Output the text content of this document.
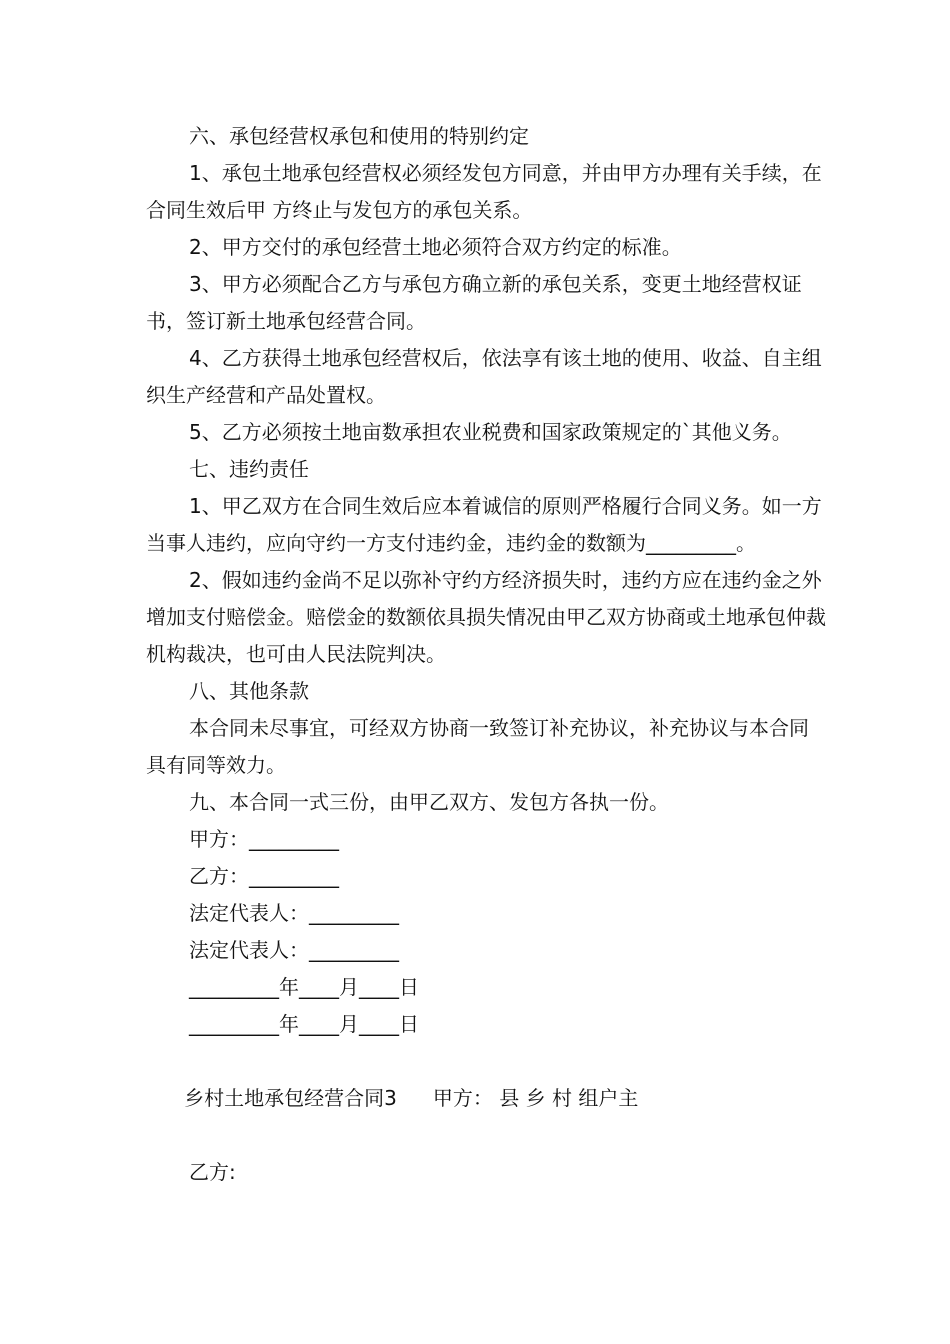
六、承包经营权承包和使用的特别约定

1、承包土地承包经营权必须经发包方同意，并由甲方办理有关手续，在合同生效后甲 方终止与发包方的承包关系。

2、甲方交付的承包经营土地必须符合双方约定的标准。

3、甲方必须配合乙方与承包方确立新的承包关系，变更土地经营权证书，签订新土地承包经营合同。

4、乙方获得土地承包经营权后，依法享有该土地的使用、收益、自主组织生产经营和产品处置权。

5、乙方必须按土地亩数承担农业税费和国家政策规定的`其他义务。

七、违约责任

1、甲乙双方在合同生效后应本着诚信的原则严格履行合同义务。如一方当事人违约，应向守约一方支付违约金，违约金的数额为_________。

2、假如违约金尚不足以弥补守约方经济损失时，违约方应在违约金之外增加支付赔偿金。赔偿金的数额依具损失情况由甲乙双方协商或土地承包仲裁机构裁决，也可由人民法院判决。

八、其他条款

本合同未尽事宜，可经双方协商一致签订补充协议，补充协议与本合同具有同等效力。

九、本合同一式三份，由甲乙双方、发包方各执一份。

甲方：_________
乙方：_________
法定代表人：_________
法定代表人：_________
_________年____月____日
_________年____月____日

乡村土地承包经营合同3 甲方： 县 乡 村 组户主

乙方:
